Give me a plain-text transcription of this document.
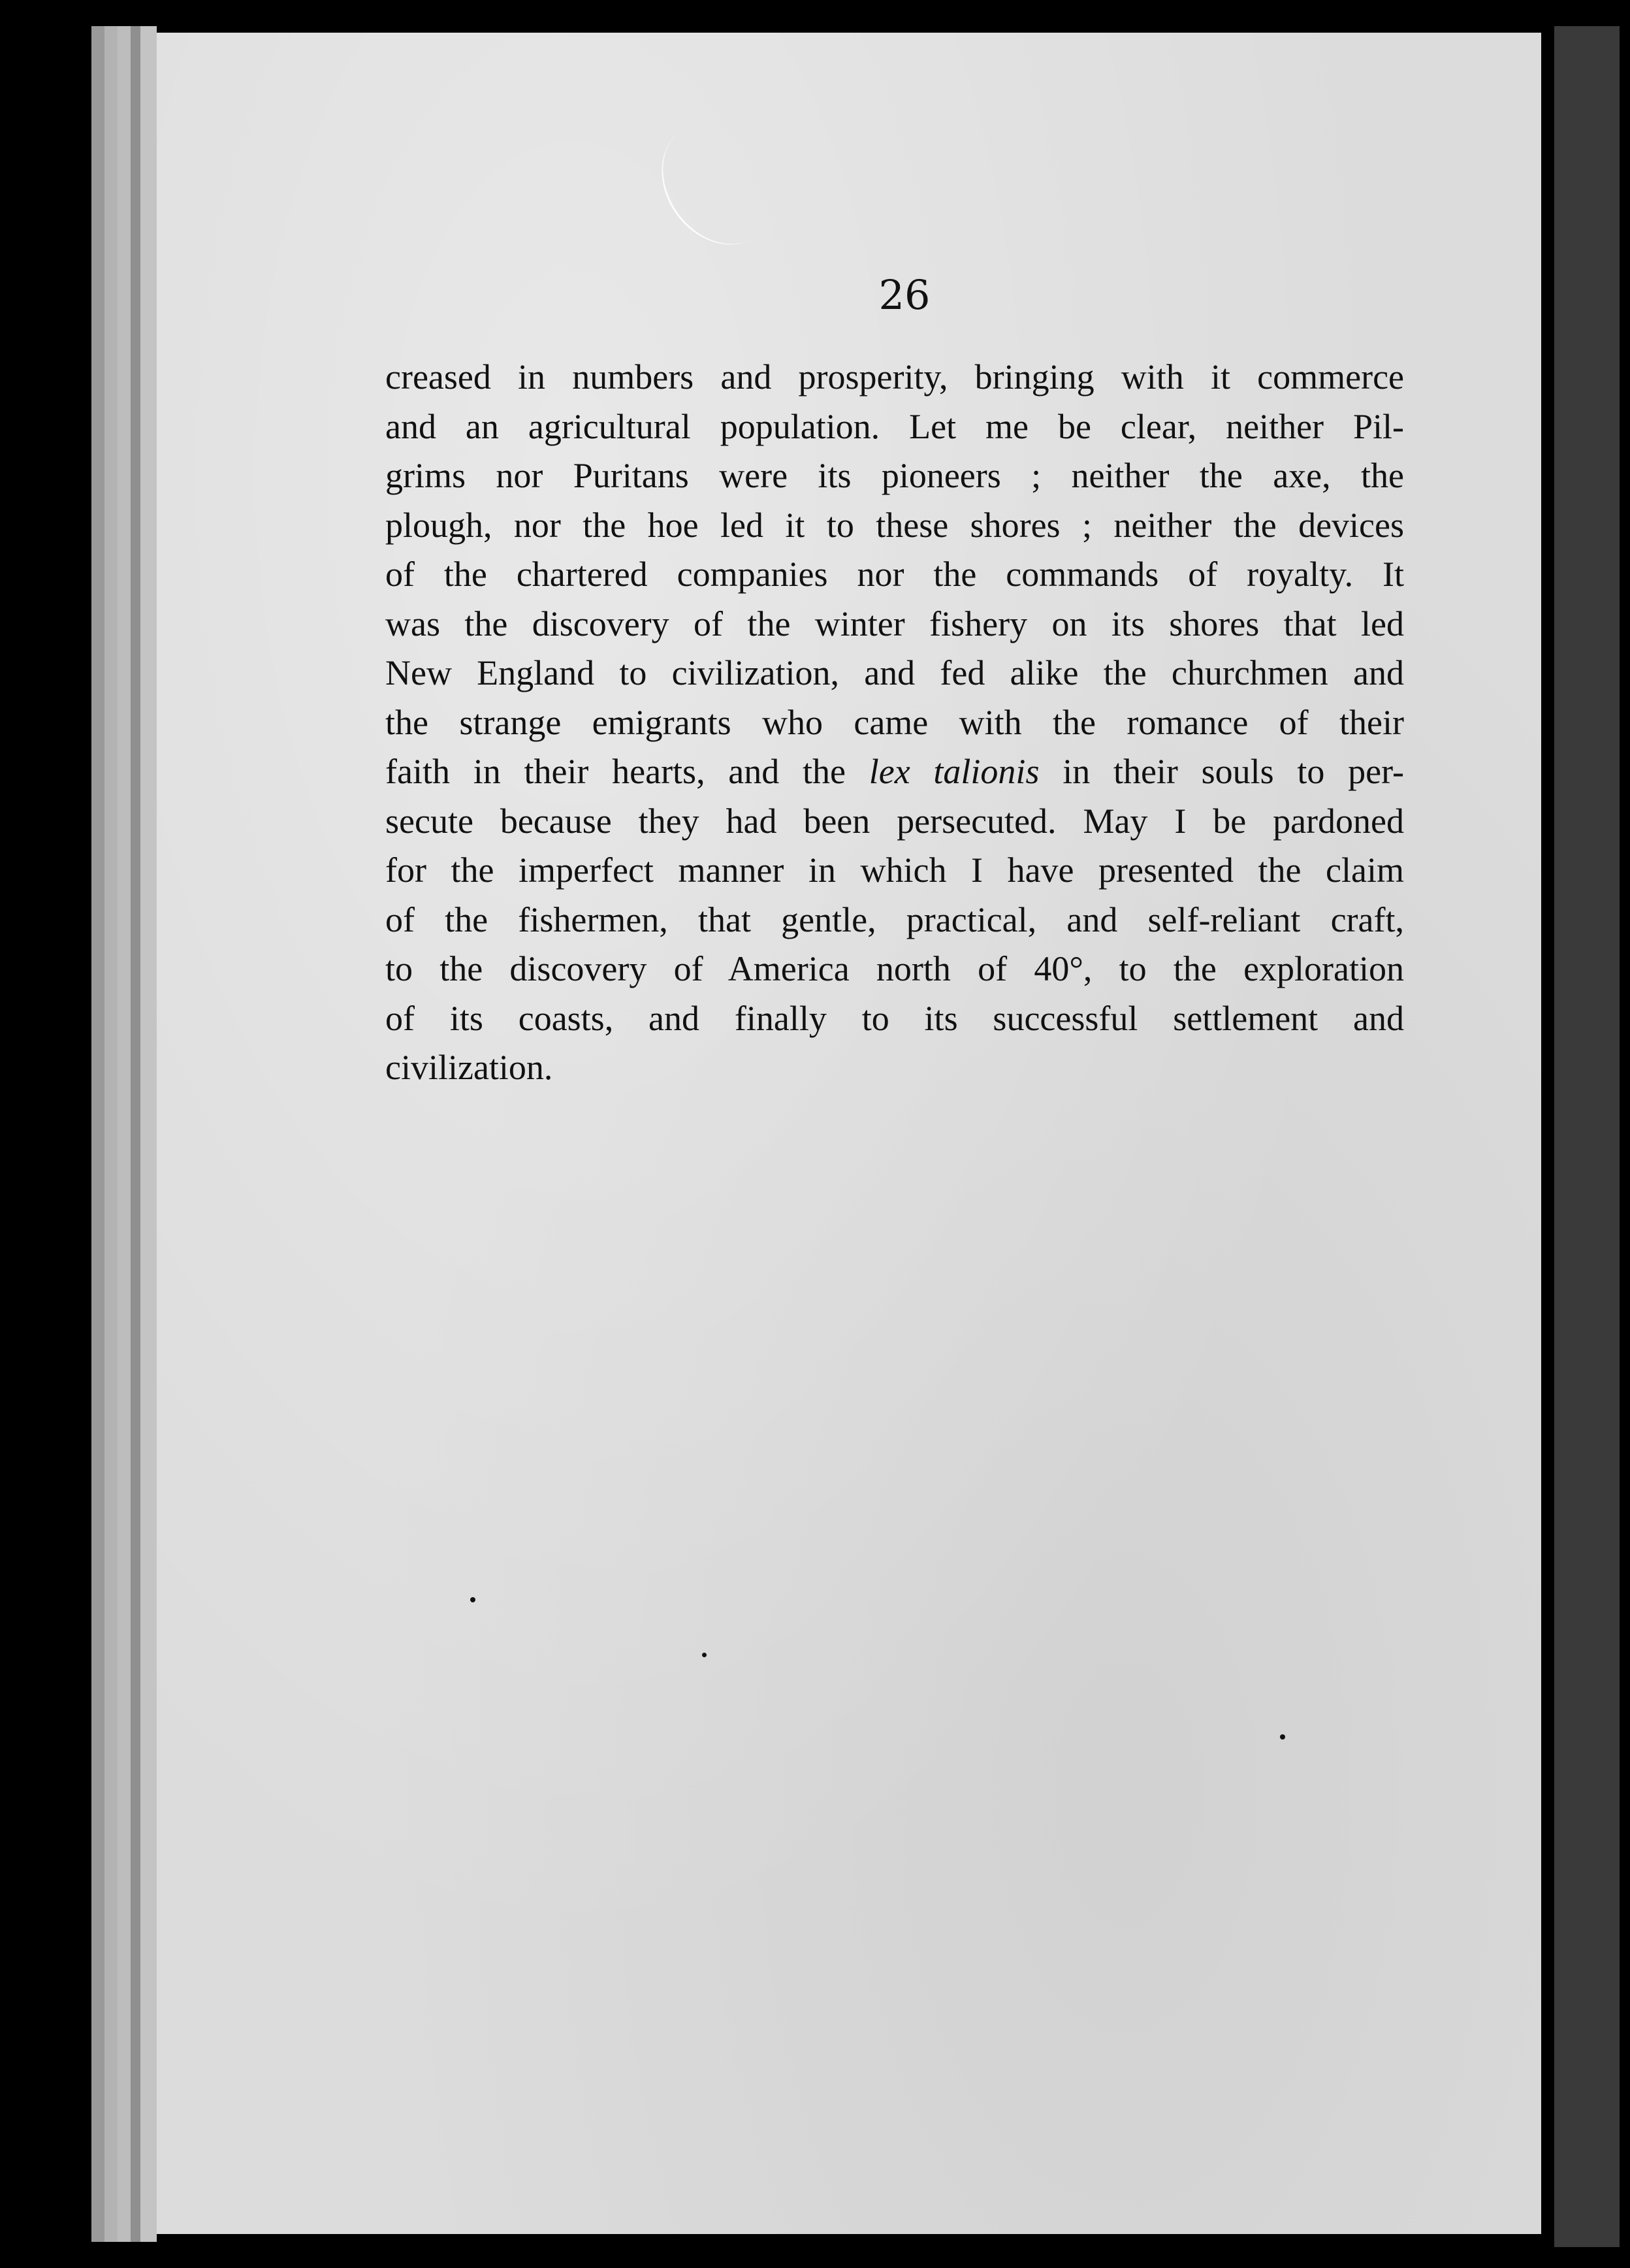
26
creased in numbers and prosperity, bringing with it commerce
and an agricultural population. Let me be clear, neither Pil-
grims nor Puritans were its pioneers ; neither the axe, the
plough, nor the hoe led it to these shores ; neither the devices
of the chartered companies nor the commands of royalty. It
was the discovery of the winter fishery on its shores that led
New England to civilization, and fed alike the churchmen and
the strange emigrants who came with the romance of their
faith in their hearts, and the lex talionis in their souls to per-
secute because they had been persecuted. May I be pardoned
for the imperfect manner in which I have presented the claim
of the fishermen, that gentle, practical, and self-reliant craft,
to the discovery of America north of 40°, to the exploration
of its coasts, and finally to its successful settlement and
civilization.
